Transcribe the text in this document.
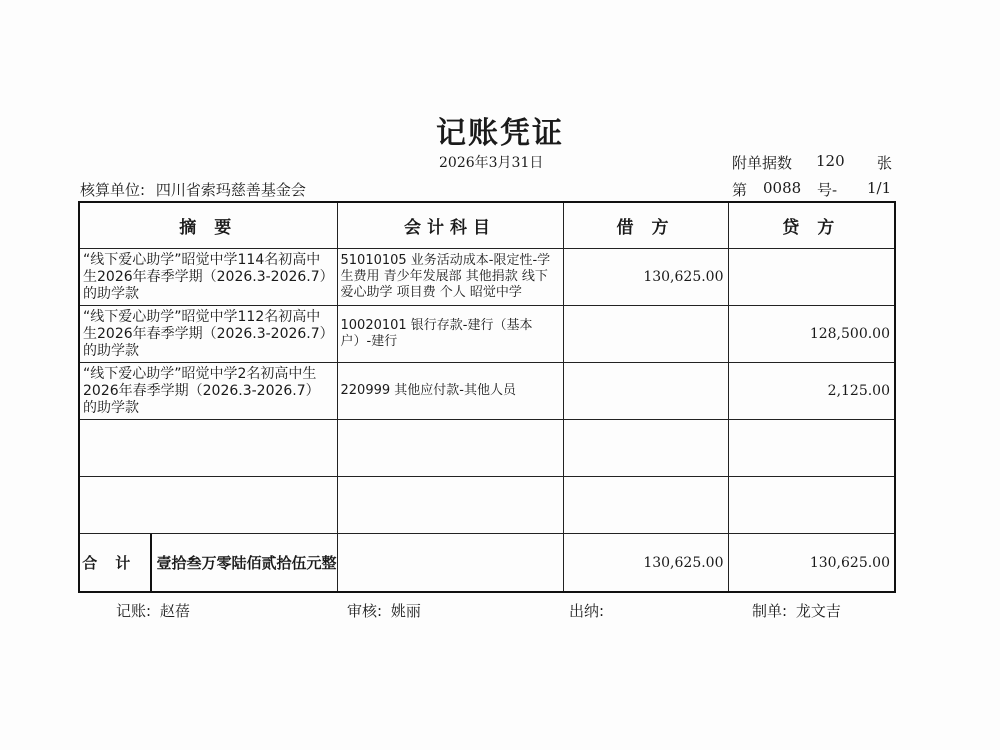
记账凭证
2026年3月31日	附单据数 120 张
核算单位: 四川省索玛慈善基金会	第 0088 号- 1/1
摘 要	会计科目	借 方	贷 方
“线下爱心助学”昭觉中学114名初高中生2026年春季学期（2026.3-2026.7）的助学款	51010105 业务活动成本-限定性-学生费用 青少年发展部 其他捐款 线下爱心助学 项目费 个人 昭觉中学	130,625.00	
“线下爱心助学”昭觉中学112名初高中生2026年春季学期（2026.3-2026.7）的助学款	10020101 银行存款-建行（基本户）-建行		128,500.00
“线下爱心助学”昭觉中学2名初高中生2026年春季学期（2026.3-2026.7）的助学款	220999 其他应付款-其他人员		2,125.00

合计 壹拾叁万零陆佰贰拾伍元整		130,625.00	130,625.00
记账: 赵蓓	审核: 姚丽	出纳:	制单: 龙文吉
